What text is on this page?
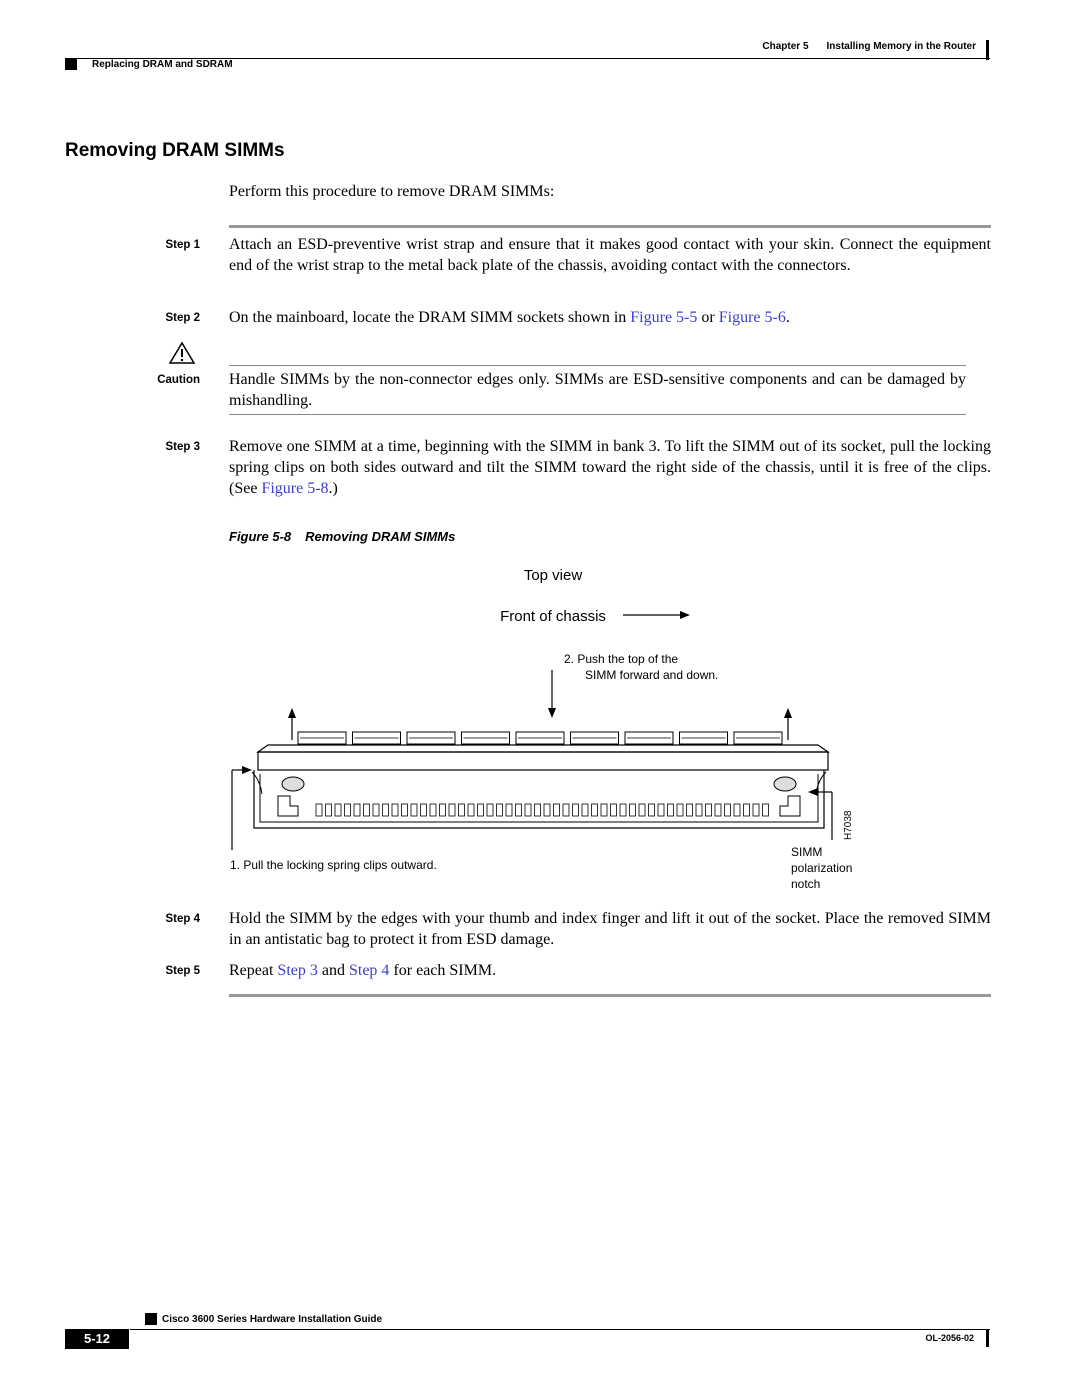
Chapter 5 Installing Memory in the Router
Replacing DRAM and SDRAM
Removing DRAM SIMMs
Perform this procedure to remove DRAM SIMMs:
Step 1 Attach an ESD-preventive wrist strap and ensure that it makes good contact with your skin. Connect the equipment end of the wrist strap to the metal back plate of the chassis, avoiding contact with the connectors.
Step 2 On the mainboard, locate the DRAM SIMM sockets shown in Figure 5-5 or Figure 5-6.
Caution Handle SIMMs by the non-connector edges only. SIMMs are ESD-sensitive components and can be damaged by mishandling.
Step 3 Remove one SIMM at a time, beginning with the SIMM in bank 3. To lift the SIMM out of its socket, pull the locking spring clips on both sides outward and tilt the SIMM toward the right side of the chassis, until it is free of the clips. (See Figure 5-8.)
Figure 5-8 Removing DRAM SIMMs
Top view
Front of chassis
2. Push the top of the
SIMM forward and down.
1. Pull the locking spring clips outward.
SIMM
polarization
notch
H7038
Step 4 Hold the SIMM by the edges with your thumb and index finger and lift it out of the socket. Place the removed SIMM in an antistatic bag to protect it from ESD damage.
Step 5 Repeat Step 3 and Step 4 for each SIMM.
Cisco 3600 Series Hardware Installation Guide
5-12	OL-2056-02
